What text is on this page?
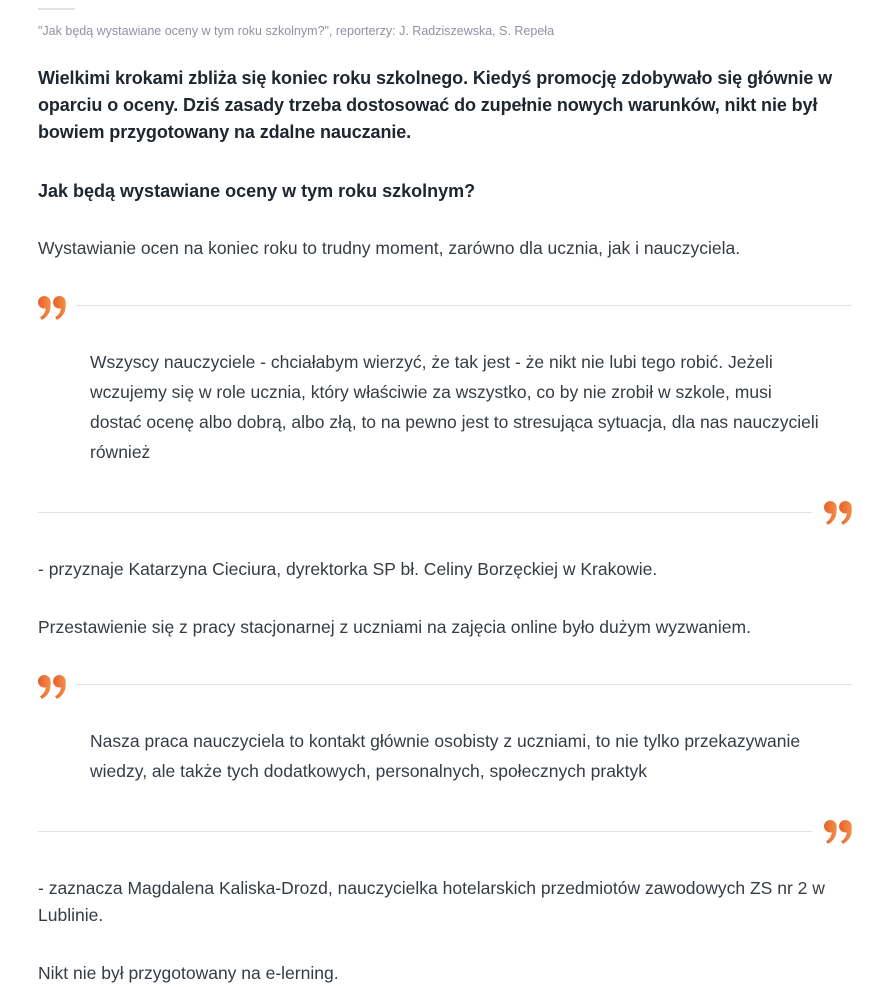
"Jak będą wystawiane oceny w tym roku szkolnym?", reporterzy: J. Radziszewska, S. Repeła

Wielkimi krokami zbliża się koniec roku szkolnego. Kiedyś promocję zdobywało się głównie w oparciu o oceny. Dziś zasady trzeba dostosować do zupełnie nowych warunków, nikt nie był bowiem przygotowany na zdalne nauczanie.

Jak będą wystawiane oceny w tym roku szkolnym?

Wystawianie ocen na koniec roku to trudny moment, zarówno dla ucznia, jak i nauczyciela.

Wszyscy nauczyciele - chciałabym wierzyć, że tak jest - że nikt nie lubi tego robić. Jeżeli wczujemy się w role ucznia, który właściwie za wszystko, co by nie zrobił w szkole, musi dostać ocenę albo dobrą, albo złą, to na pewno jest to stresująca sytuacja, dla nas nauczycieli również

- przyznaje Katarzyna Cieciura, dyrektorka SP bł. Celiny Borzęckiej w Krakowie.

Przestawienie się z pracy stacjonarnej z uczniami na zajęcia online było dużym wyzwaniem.

Nasza praca nauczyciela to kontakt głównie osobisty z uczniami, to nie tylko przekazywanie wiedzy, ale także tych dodatkowych, personalnych, społecznych praktyk

- zaznacza Magdalena Kaliska-Drozd, nauczycielka hotelarskich przedmiotów zawodowych ZS nr 2 w Lublinie.

Nikt nie był przygotowany na e-lerning.
